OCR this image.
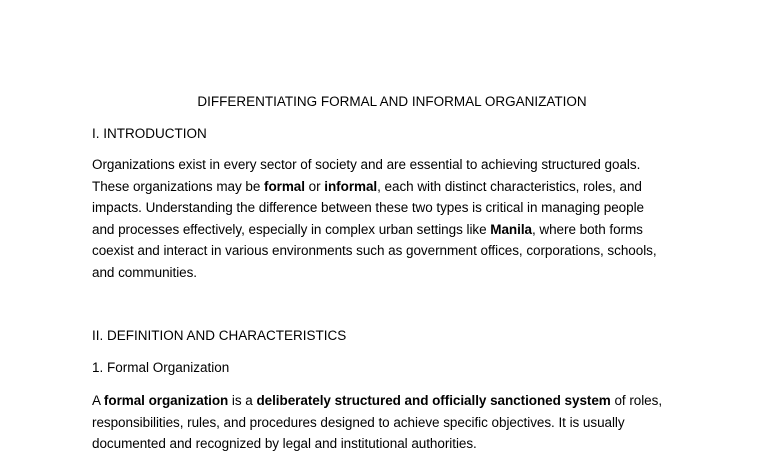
DIFFERENTIATING FORMAL AND INFORMAL ORGANIZATION
I. INTRODUCTION
Organizations exist in every sector of society and are essential to achieving structured goals.
These organizations may be formal or informal, each with distinct characteristics, roles, and
impacts. Understanding the difference between these two types is critical in managing people
and processes effectively, especially in complex urban settings like Manila, where both forms
coexist and interact in various environments such as government offices, corporations, schools,
and communities.
II. DEFINITION AND CHARACTERISTICS
1. Formal Organization
A formal organization is a deliberately structured and officially sanctioned system of roles,
responsibilities, rules, and procedures designed to achieve specific objectives. It is usually
documented and recognized by legal and institutional authorities.
